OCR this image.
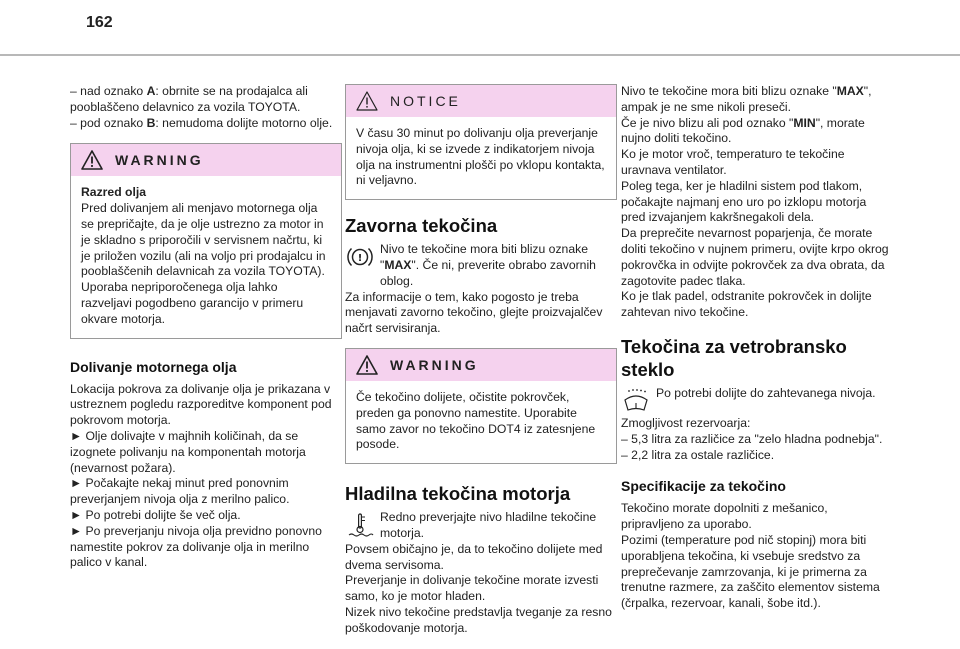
162

– nad oznako A: obrnite se na prodajalca ali pooblaščeno delavnico za vozila TOYOTA.

– pod oznako B: nemudoma dolijte motorno olje.

WARNING
Razred olja

Pred dolivanjem ali menjavo motornega olja se prepričajte, da je olje ustrezno za motor in je skladno s priporočili v servisnem načrtu, ki je priložen vozilu (ali na voljo pri prodajalcu in pooblaščenih delavnicah za vozila TOYOTA). Uporaba nepriporočenega olja lahko razveljavi pogodbeno garancijo v primeru okvare motorja.

Dolivanje motornega olja

Lokacija pokrova za dolivanje olja je prikazana v ustreznem pogledu razporeditve komponent pod pokrovom motorja.
► Olje dolivajte v majhnih količinah, da se izognete polivanju na komponentah motorja (nevarnost požara).
► Počakajte nekaj minut pred ponovnim preverjanjem nivoja olja z merilno palico.
► Po potrebi dolijte še več olja.
► Po preverjanju nivoja olja previdno ponovno namestite pokrov za dolivanje olja in merilno palico v kanal.

NOTICE

V času 30 minut po dolivanju olja preverjanje nivoja olja, ki se izvede z indikatorjem nivoja olja na instrumentni plošči po vklopu kontakta, ni veljavno.

Zavorna tekočina
!

Nivo te tekočine mora biti blizu oznake "MAX". Če ni, preverite obrabo zavornih oblog.

Za informacije o tem, kako pogosto je treba menjavati zavorno tekočino, glejte proizvajalčev načrt servisiranja.

WARNING

Če tekočino dolijete, očistite pokrovček, preden ga ponovno namestite. Uporabite samo zavor no tekočino DOT4 iz zatesnjene posode.

Hladilna tekočina motorja

Redno preverjajte nivo hladilne tekočine motorja.

Povsem običajno je, da to tekočino dolijete med dvema servisoma.
Preverjanje in dolivanje tekočine morate izvesti samo, ko je motor hladen.
Nizek nivo tekočine predstavlja tveganje za resno poškodovanje motorja.

Nivo te tekočine mora biti blizu oznake "MAX", ampak je ne sme nikoli preseči.

Če je nivo blizu ali pod oznako "MIN", morate nujno doliti tekočino.

Ko je motor vroč, temperaturo te tekočine uravnava ventilator.
Poleg tega, ker je hladilni sistem pod tlakom, počakajte najmanj eno uro po izklopu motorja pred izvajanjem kakršnegakoli dela.
Da preprečite nevarnost poparjenja, če morate doliti tekočino v nujnem primeru, ovijte krpo okrog pokrovčka in odvijte pokrovček za dva obrata, da zagotovite padec tlaka.
Ko je tlak padel, odstranite pokrovček in dolijte zahtevan nivo tekočine.

Tekočina za vetrobransko steklo

Po potrebi dolijte do zahtevanega nivoja.

Zmogljivost rezervoarja:
– 5,3 litra za različice za "zelo hladna podnebja".
– 2,2 litra za ostale različice.

Specifikacije za tekočino

Tekočino morate dopolniti z mešanico, pripravljeno za uporabo.
Pozimi (temperature pod nič stopinj) mora biti uporabljena tekočina, ki vsebuje sredstvo za preprečevanje zamrzovanja, ki je primerna za trenutne razmere, za zaščito elementov sistema (črpalka, rezervoar, kanali, šobe itd.).
